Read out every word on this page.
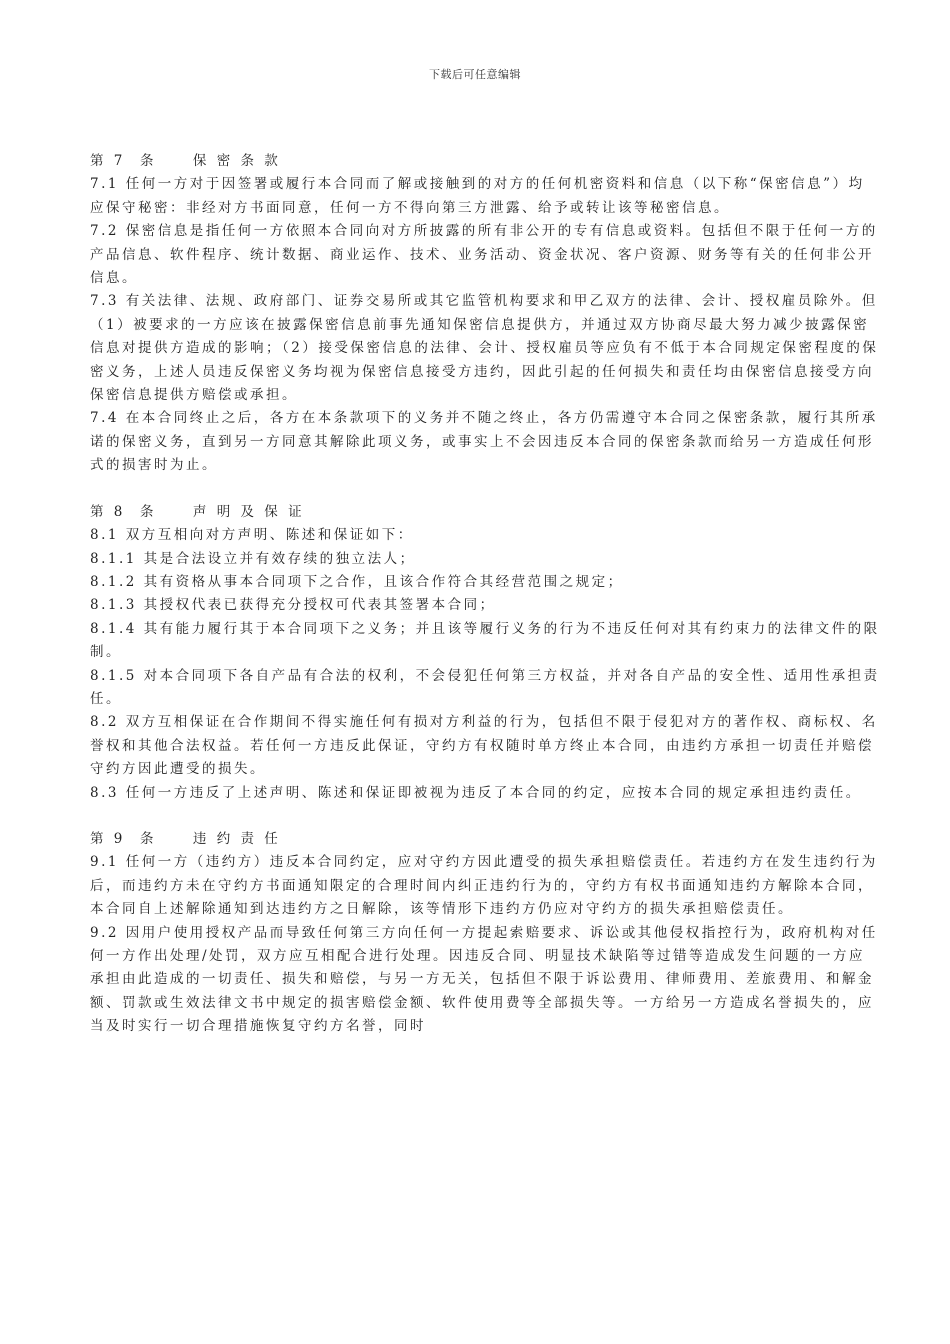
下载后可任意编辑
第 7  条     保 密 条 款
7.1 任何一方对于因签署或履行本合同而了解或接触到的对方的任何机密资料和信息（以下称“保密信息”）均应保守秘密：非经对方书面同意，任何一方不得向第三方泄露、给予或转让该等秘密信息。
7.2 保密信息是指任何一方依照本合同向对方所披露的所有非公开的专有信息或资料。包括但不限于任何一方的产品信息、软件程序、统计数据、商业运作、技术、业务活动、资金状况、客户资源、财务等有关的任何非公开信息。
7.3 有关法律、法规、政府部门、证券交易所或其它监管机构要求和甲乙双方的法律、会计、授权雇员除外。但（1）被要求的一方应该在披露保密信息前事先通知保密信息提供方，并通过双方协商尽最大努力减少披露保密信息对提供方造成的影响；（2）接受保密信息的法律、会计、授权雇员等应负有不低于本合同规定保密程度的保密义务，上述人员违反保密义务均视为保密信息接受方违约，因此引起的任何损失和责任均由保密信息接受方向保密信息提供方赔偿或承担。
7.4 在本合同终止之后，各方在本条款项下的义务并不随之终止，各方仍需遵守本合同之保密条款，履行其所承诺的保密义务，直到另一方同意其解除此项义务，或事实上不会因违反本合同的保密条款而给另一方造成任何形式的损害时为止。
第 8  条     声 明 及 保 证
8.1 双方互相向对方声明、陈述和保证如下：
8.1.1 其是合法设立并有效存续的独立法人；
8.1.2 其有资格从事本合同项下之合作，且该合作符合其经营范围之规定；
8.1.3 其授权代表已获得充分授权可代表其签署本合同；
8.1.4 其有能力履行其于本合同项下之义务；并且该等履行义务的行为不违反任何对其有约束力的法律文件的限制。
8.1.5 对本合同项下各自产品有合法的权利，不会侵犯任何第三方权益，并对各自产品的安全性、适用性承担责任。
8.2 双方互相保证在合作期间不得实施任何有损对方利益的行为，包括但不限于侵犯对方的著作权、商标权、名誉权和其他合法权益。若任何一方违反此保证，守约方有权随时单方终止本合同，由违约方承担一切责任并赔偿守约方因此遭受的损失。
8.3 任何一方违反了上述声明、陈述和保证即被视为违反了本合同的约定，应按本合同的规定承担违约责任。
第 9  条     违 约 责 任
9.1 任何一方（违约方）违反本合同约定，应对守约方因此遭受的损失承担赔偿责任。若违约方在发生违约行为后，而违约方未在守约方书面通知限定的合理时间内纠正违约行为的，守约方有权书面通知违约方解除本合同，本合同自上述解除通知到达违约方之日解除，该等情形下违约方仍应对守约方的损失承担赔偿责任。
9.2 因用户使用授权产品而导致任何第三方向任何一方提起索赔要求、诉讼或其他侵权指控行为，政府机构对任何一方作出处理/处罚，双方应互相配合进行处理。因违反合同、明显技术缺陷等过错等造成发生问题的一方应承担由此造成的一切责任、损失和赔偿，与另一方无关，包括但不限于诉讼费用、律师费用、差旅费用、和解金额、罚款或生效法律文书中规定的损害赔偿金额、软件使用费等全部损失等。一方给另一方造成名誉损失的，应当及时实行一切合理措施恢复守约方名誉，同时
